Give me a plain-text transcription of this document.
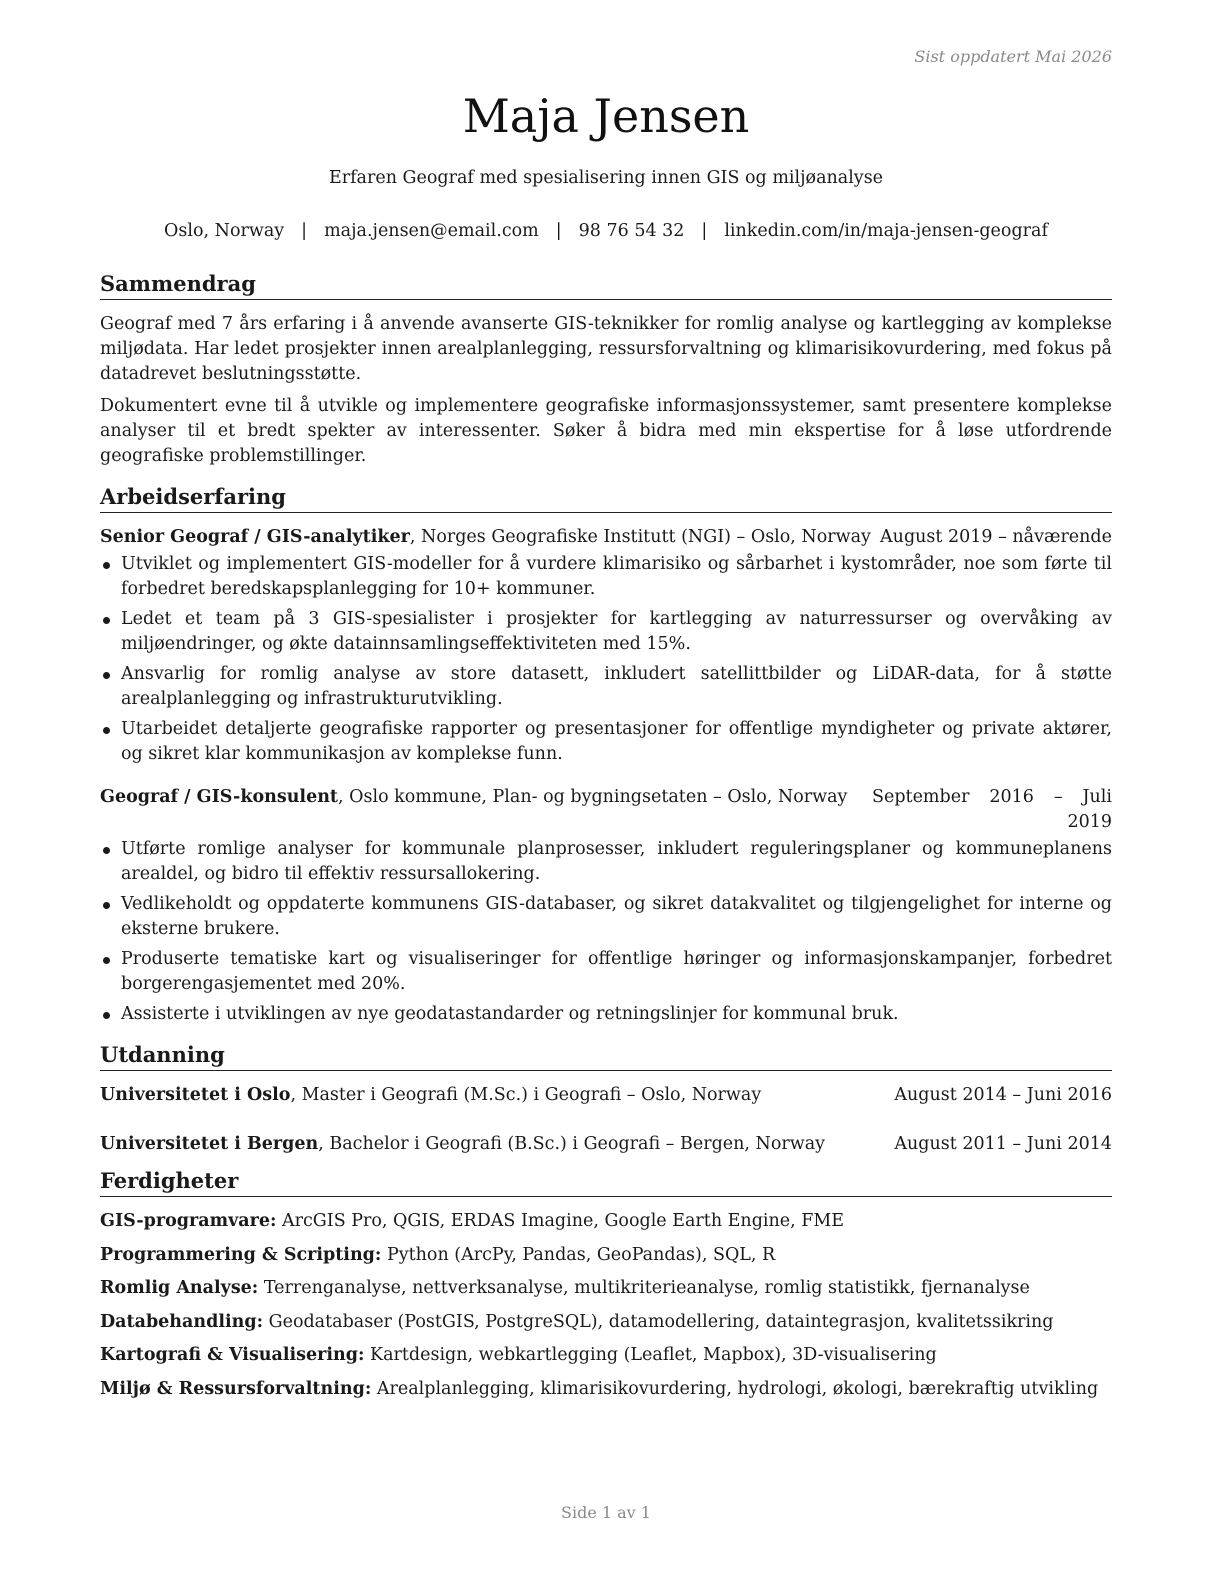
Sist oppdatert Mai 2026
Maja Jensen
Erfaren Geograf med spesialisering innen GIS og miljøanalyse
Oslo, Norway | maja.jensen@email.com | 98 76 54 32 | linkedin.com/in/maja-jensen-geograf
Sammendrag

Geograf med 7 års erfaring i å anvende avanserte GIS-teknikker for romlig analyse og kartlegging av komplekse miljødata. Har ledet prosjekter innen arealplanlegging, ressursforvaltning og klimarisikovurdering, med fokus på datadrevet beslutningsstøtte.

Dokumentert evne til å utvikle og implementere geografiske informasjonssystemer, samt presentere komplekse analyser til et bredt spekter av interessenter. Søker å bidra med min ekspertise for å løse utfordrende geografiske problemstillinger.

Arbeidserfaring
Senior Geograf / GIS-analytiker, Norges Geografiske Institutt (NGI) – Oslo, Norway August 2019 – nåværende
Utviklet og implementert GIS-modeller for å vurdere klimarisiko og sårbarhet i kystområder, noe som førte til forbedret beredskapsplanlegging for 10+ kommuner.
Ledet et team på 3 GIS-spesialister i prosjekter for kartlegging av naturressurser og overvåking av miljøendringer, og økte datainnsamlingseffektiviteten med 15%.
Ansvarlig for romlig analyse av store datasett, inkludert satellittbilder og LiDAR-data, for å støtte arealplanlegging og infrastrukturutvikling.
Utarbeidet detaljerte geografiske rapporter og presentasjoner for offentlige myndigheter og private aktører, og sikret klar kommunikasjon av komplekse funn.
Geograf / GIS-konsulent, Oslo kommune, Plan- og bygningsetaten – Oslo, Norway September 2016 – Juli 2019
Utførte romlige analyser for kommunale planprosesser, inkludert reguleringsplaner og kommuneplanens arealdel, og bidro til effektiv ressursallokering.
Vedlikeholdt og oppdaterte kommunens GIS-databaser, og sikret datakvalitet og tilgjengelighet for interne og eksterne brukere.
Produserte tematiske kart og visualiseringer for offentlige høringer og informasjonskampanjer, forbedret borgerengasjementet med 20%.
Assisterte i utviklingen av nye geodatastandarder og retningslinjer for kommunal bruk.
Utdanning
Universitetet i Oslo, Master i Geografi (M.Sc.) i Geografi – Oslo, Norway	August 2014 – Juni 2016
Universitetet i Bergen, Bachelor i Geografi (B.Sc.) i Geografi – Bergen, Norway	August 2011 – Juni 2014
Ferdigheter
GIS-programvare: ArcGIS Pro, QGIS, ERDAS Imagine, Google Earth Engine, FME
Programmering & Scripting: Python (ArcPy, Pandas, GeoPandas), SQL, R
Romlig Analyse: Terrenganalyse, nettverksanalyse, multikriterieanalyse, romlig statistikk, fjernanalyse
Databehandling: Geodatabaser (PostGIS, PostgreSQL), datamodellering, dataintegrasjon, kvalitetssikring
Kartografi & Visualisering: Kartdesign, webkartlegging (Leaflet, Mapbox), 3D-visualisering
Miljø & Ressursforvaltning: Arealplanlegging, klimarisikovurdering, hydrologi, økologi, bærekraftig utvikling
Side 1 av 1
